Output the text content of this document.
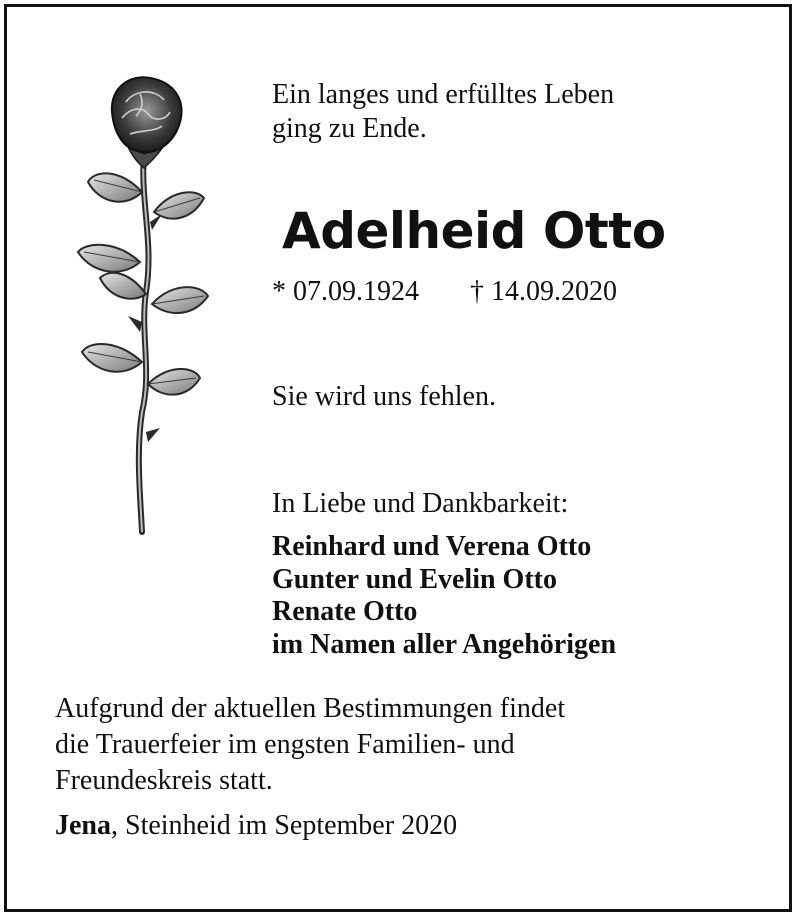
Ein langes und erfülltes Leben
ging zu Ende.
Adelheid Otto
* 07.09.1924 † 14.09.2020
Sie wird uns fehlen.
In Liebe und Dankbarkeit:
Reinhard und Verena Otto
Gunter und Evelin Otto
Renate Otto
im Namen aller Angehörigen
Aufgrund der aktuellen Bestimmungen findet
die Trauerfeier im engsten Familien- und
Freundeskreis statt.
Jena, Steinheid im September 2020
